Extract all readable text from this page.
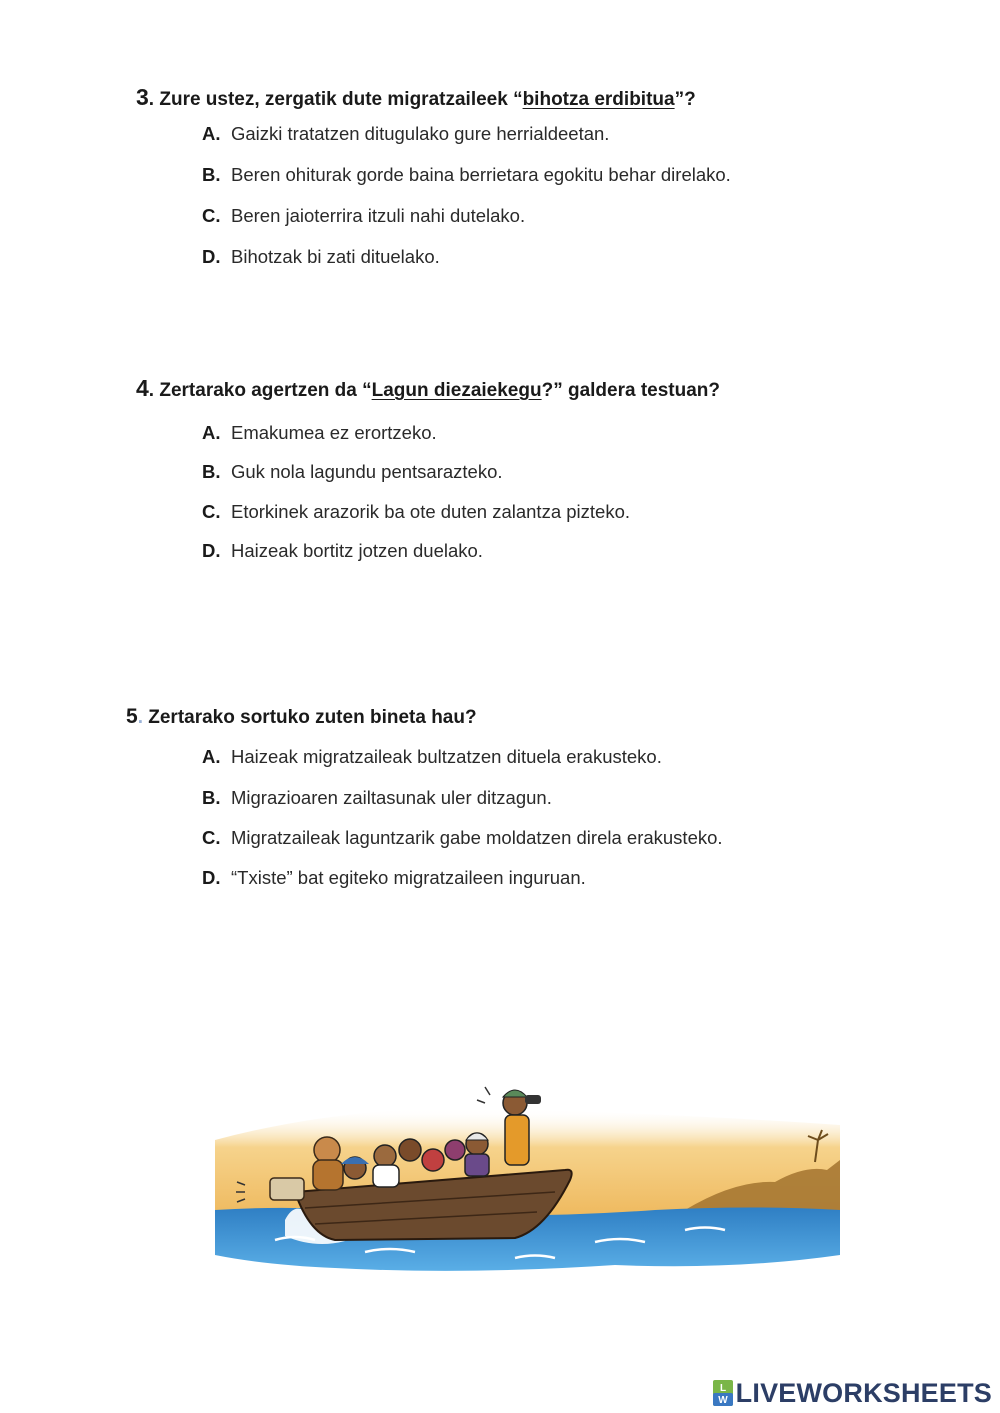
3. Zure ustez, zergatik dute migratzaileek “bihotza erdibitua”?
A. Gaizki tratatzen ditugulako gure herrialdeetan.
B. Beren ohiturak gorde baina berrietara egokitu behar direlako.
C. Beren jaioterrira itzuli nahi dutelako.
D. Bihotzak bi zati dituelako.
4. Zertarako agertzen da “Lagun diezaiekegu?” galdera testuan?
A. Emakumea ez erortzeko.
B. Guk nola lagundu pentsarazteko.
C. Etorkinek arazorik ba ote duten zalantza pizteko.
D. Haizeak bortitz jotzen duelako.
5. Zertarako sortuko zuten bineta hau?
A. Haizeak migratzaileak bultzatzen dituela erakusteko.
B. Migrazioaren zailtasunak uler ditzagun.
C. Migratzaileak laguntzarik gabe moldatzen direla erakusteko.
D. “Txiste” bat egiteko migratzaileen inguruan.
L
W LIVEWORKSHEETS
